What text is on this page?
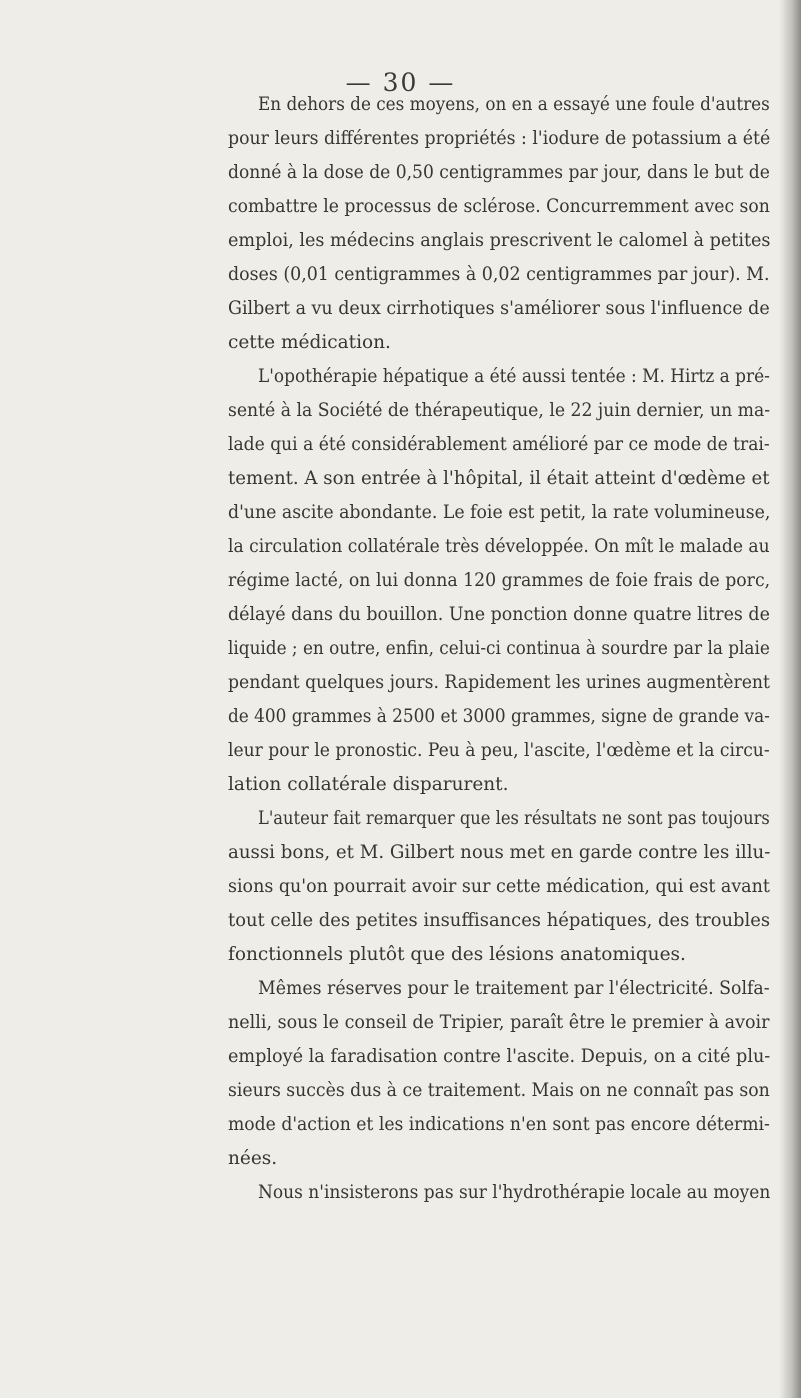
— 30 —
En dehors de ces moyens, on en a essayé une foule d'autres
pour leurs différentes propriétés : l'iodure de potassium a été
donné à la dose de 0,50 centigrammes par jour, dans le but de
combattre le processus de sclérose. Concurremment avec son
emploi, les médecins anglais prescrivent le calomel à petites
doses (0,01 centigrammes à 0,02 centigrammes par jour). M.
Gilbert a vu deux cirrhotiques s'améliorer sous l'influence de
cette médication.
L'opothérapie hépatique a été aussi tentée : M. Hirtz a pré-
senté à la Société de thérapeutique, le 22 juin dernier, un ma-
lade qui a été considérablement amélioré par ce mode de trai-
tement. A son entrée à l'hôpital, il était atteint d'œdème et
d'une ascite abondante. Le foie est petit, la rate volumineuse,
la circulation collatérale très développée. On mît le malade au
régime lacté, on lui donna 120 grammes de foie frais de porc,
délayé dans du bouillon. Une ponction donne quatre litres de
liquide ; en outre, enfin, celui-ci continua à sourdre par la plaie
pendant quelques jours. Rapidement les urines augmentèrent
de 400 grammes à 2500 et 3000 grammes, signe de grande va-
leur pour le pronostic. Peu à peu, l'ascite, l'œdème et la circu-
lation collatérale disparurent.
L'auteur fait remarquer que les résultats ne sont pas toujours
aussi bons, et M. Gilbert nous met en garde contre les illu-
sions qu'on pourrait avoir sur cette médication, qui est avant
tout celle des petites insuffisances hépatiques, des troubles
fonctionnels plutôt que des lésions anatomiques.
Mêmes réserves pour le traitement par l'électricité. Solfa-
nelli, sous le conseil de Tripier, paraît être le premier à avoir
employé la faradisation contre l'ascite. Depuis, on a cité plu-
sieurs succès dus à ce traitement. Mais on ne connaît pas son
mode d'action et les indications n'en sont pas encore détermi-
nées.
Nous n'insisterons pas sur l'hydrothérapie locale au moyen
